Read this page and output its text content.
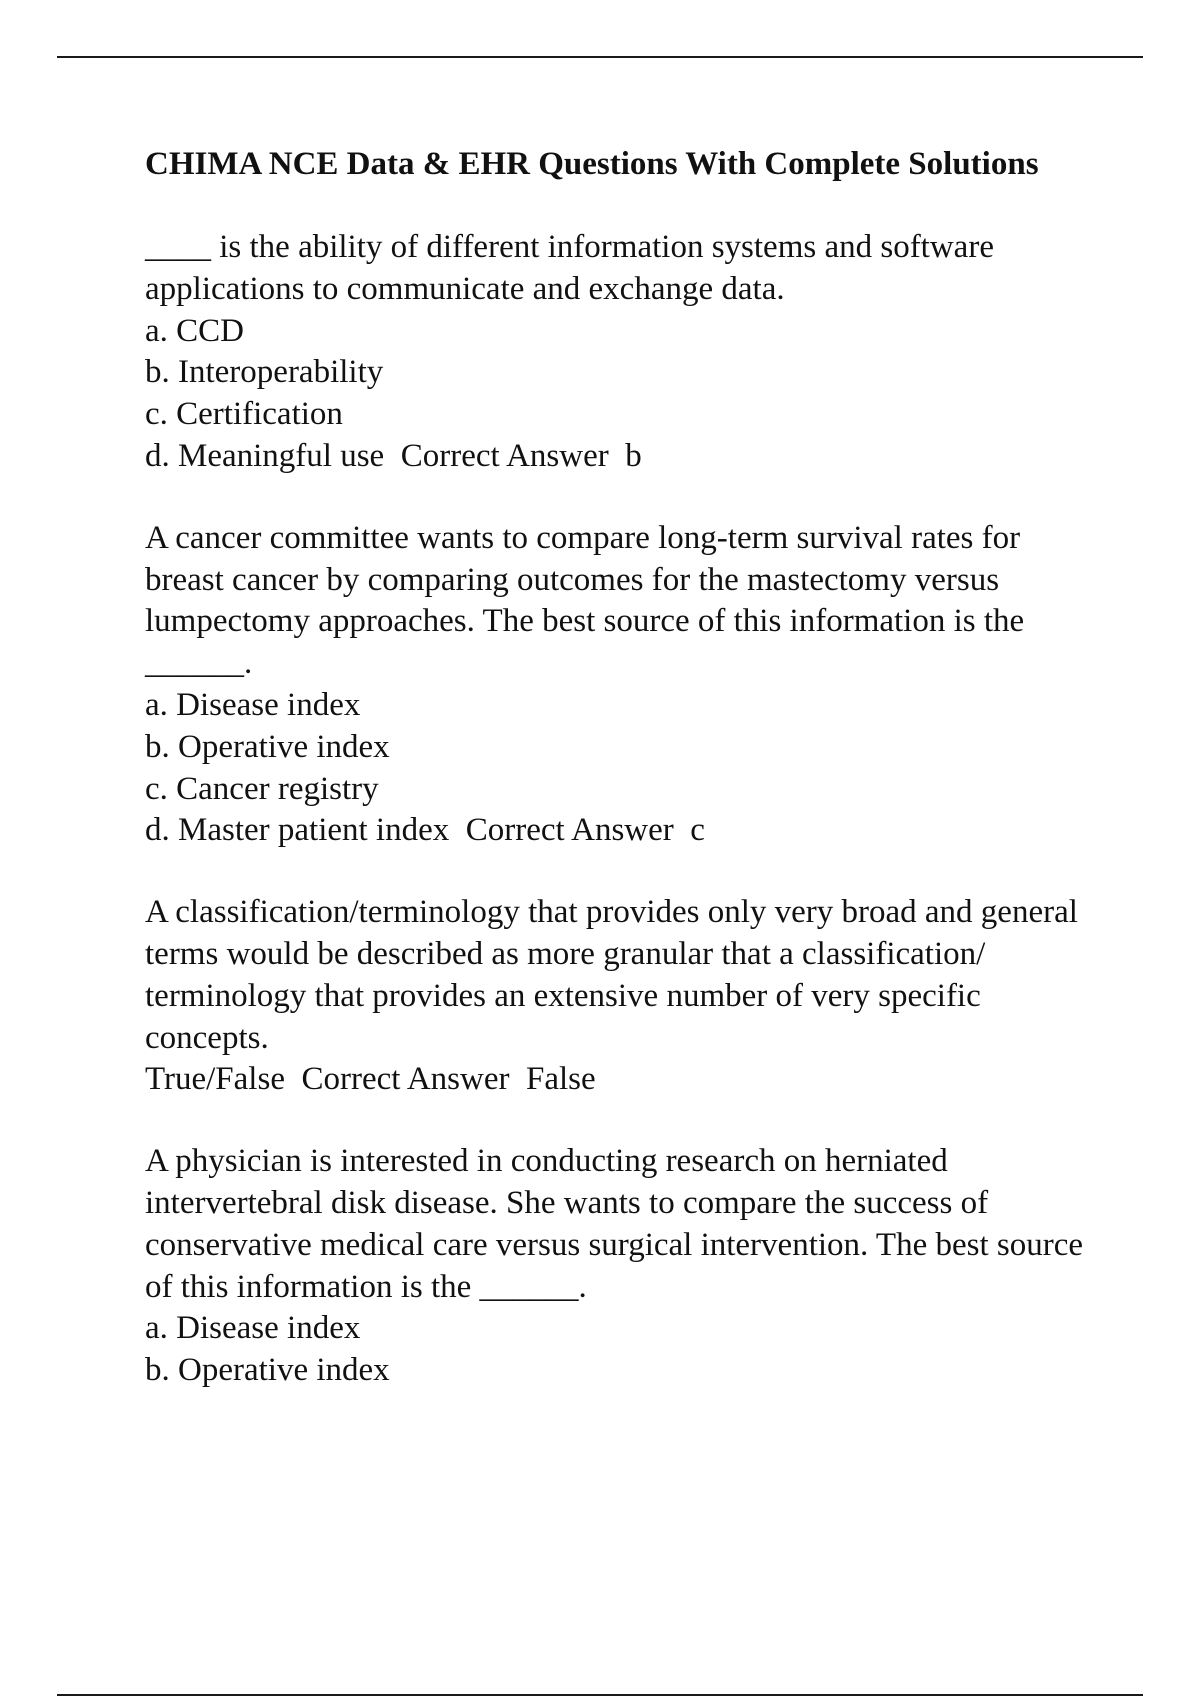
CHIMA NCE Data & EHR Questions With Complete Solutions
____ is the ability of different information systems and software applications to communicate and exchange data.
a. CCD
b. Interoperability
c. Certification
d. Meaningful use  Correct Answer  b
A cancer committee wants to compare long-term survival rates for breast cancer by comparing outcomes for the mastectomy versus lumpectomy approaches. The best source of this information is the ______.
a. Disease index
b. Operative index
c. Cancer registry
d. Master patient index  Correct Answer  c
A classification/terminology that provides only very broad and general terms would be described as more granular that a classification/ terminology that provides an extensive number of very specific concepts.
True/False  Correct Answer  False
A physician is interested in conducting research on herniated intervertebral disk disease. She wants to compare the success of conservative medical care versus surgical intervention. The best source of this information is the ______.
a. Disease index
b. Operative index
